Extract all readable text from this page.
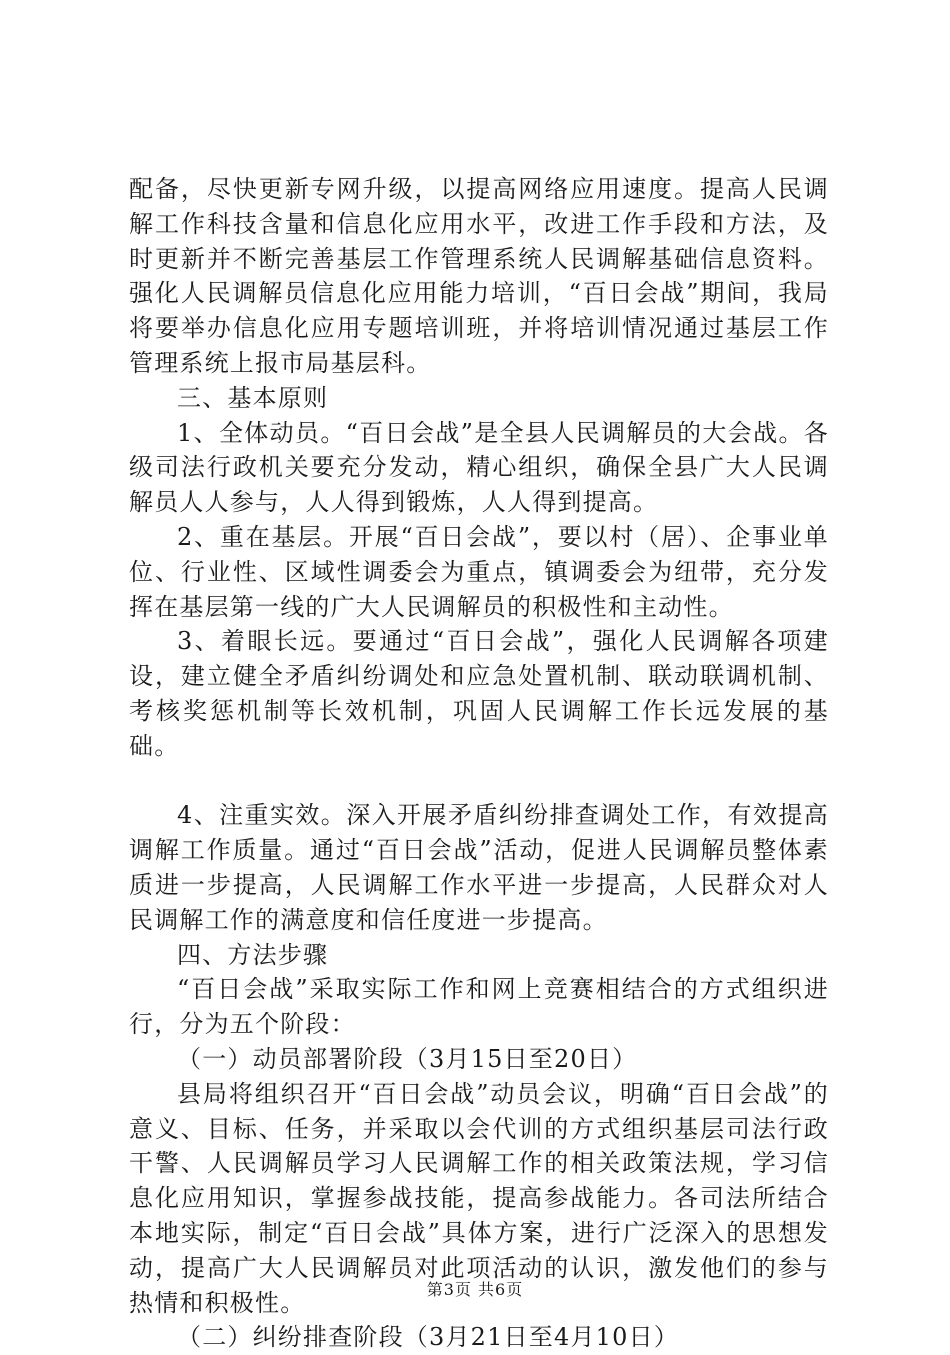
配备，尽快更新专网升级，以提高网络应用速度。提高人民调解工作科技含量和信息化应用水平，改进工作手段和方法，及时更新并不断完善基层工作管理系统人民调解基础信息资料。强化人民调解员信息化应用能力培训，“百日会战”期间，我局将要举办信息化应用专题培训班，并将培训情况通过基层工作管理系统上报市局基层科。

三、基本原则

1、全体动员。“百日会战”是全县人民调解员的大会战。各级司法行政机关要充分发动，精心组织，确保全县广大人民调解员人人参与，人人得到锻炼，人人得到提高。

2、重在基层。开展“百日会战”，要以村（居）、企事业单位、行业性、区域性调委会为重点，镇调委会为纽带，充分发挥在基层第一线的广大人民调解员的积极性和主动性。

3、着眼长远。要通过“百日会战”，强化人民调解各项建设，建立健全矛盾纠纷调处和应急处置机制、联动联调机制、考核奖惩机制等长效机制，巩固人民调解工作长远发展的基础。

4、注重实效。深入开展矛盾纠纷排查调处工作，有效提高调解工作质量。通过“百日会战”活动，促进人民调解员整体素质进一步提高，人民调解工作水平进一步提高，人民群众对人民调解工作的满意度和信任度进一步提高。

四、方法步骤

“百日会战”采取实际工作和网上竞赛相结合的方式组织进行，分为五个阶段：

（一）动员部署阶段（3月15日至20日）

县局将组织召开“百日会战”动员会议，明确“百日会战”的意义、目标、任务，并采取以会代训的方式组织基层司法行政干警、人民调解员学习人民调解工作的相关政策法规，学习信息化应用知识，掌握参战技能，提高参战能力。各司法所结合本地实际，制定“百日会战”具体方案，进行广泛深入的思想发动，提高广大人民调解员对此项活动的认识，激发他们的参与热情和积极性。

（二）纠纷排查阶段（3月21日至4月10日）

第3页 共6页
